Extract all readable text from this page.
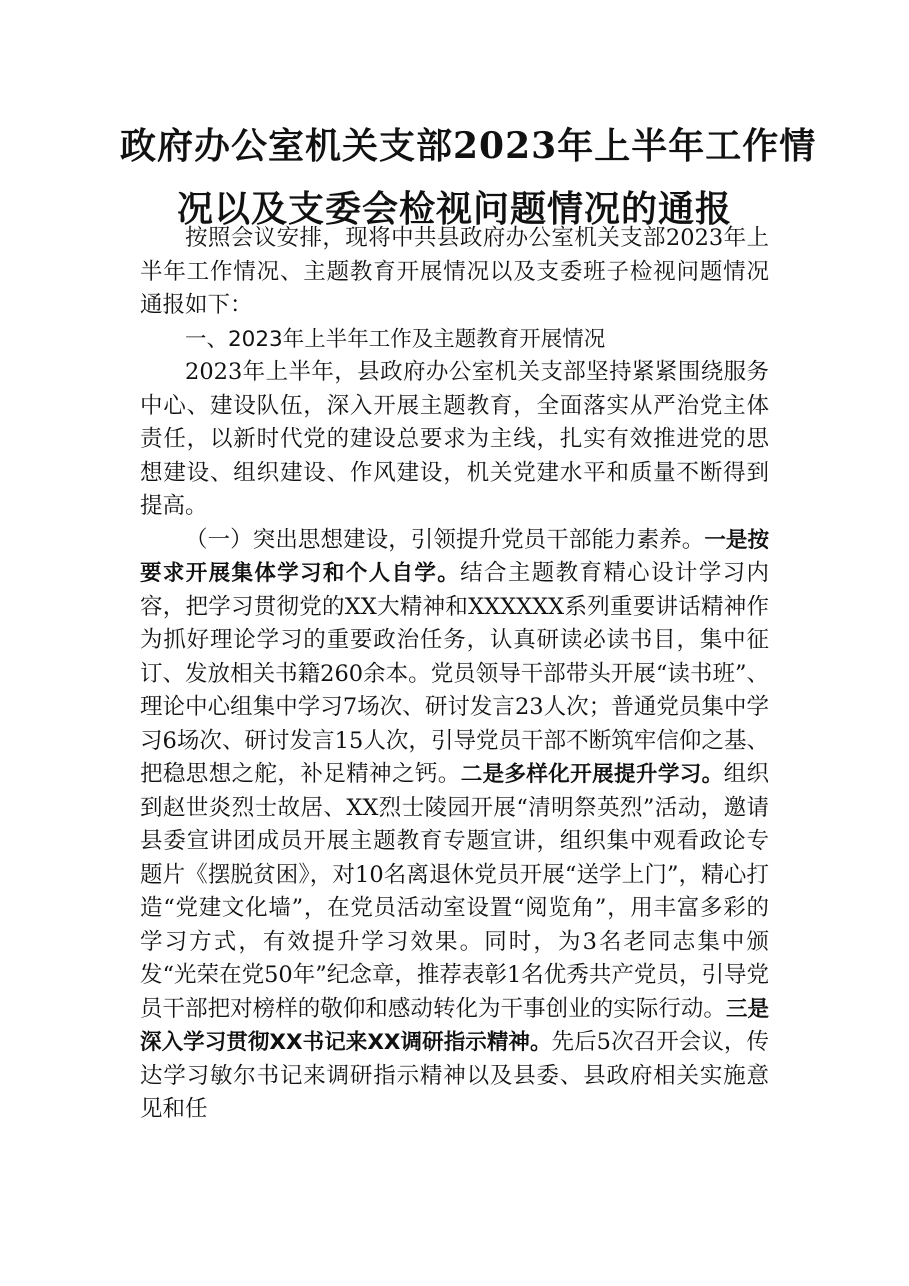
政府办公室机关支部2023年上半年工作情
况以及支委会检视问题情况的通报

按照会议安排，现将中共县政府办公室机关支部2023年上半年工作情况、主题教育开展情况以及支委班子检视问题情况通报如下：

一、2023年上半年工作及主题教育开展情况

2023年上半年，县政府办公室机关支部坚持紧紧围绕服务中心、建设队伍，深入开展主题教育，全面落实从严治党主体责任，以新时代党的建设总要求为主线，扎实有效推进党的思想建设、组织建设、作风建设，机关党建水平和质量不断得到提高。

（一）突出思想建设，引领提升党员干部能力素养。一是按要求开展集体学习和个人自学。结合主题教育精心设计学习内容，把学习贯彻党的XX大精神和XXXXXX系列重要讲话精神作为抓好理论学习的重要政治任务，认真研读必读书目，集中征订、发放相关书籍260余本。党员领导干部带头开展“读书班”、理论中心组集中学习7场次、研讨发言23人次；普通党员集中学习6场次、研讨发言15人次，引导党员干部不断筑牢信仰之基、把稳思想之舵，补足精神之钙。二是多样化开展提升学习。组织到赵世炎烈士故居、XX烈士陵园开展“清明祭英烈”活动，邀请县委宣讲团成员开展主题教育专题宣讲，组织集中观看政论专题片《摆脱贫困》，对10名离退休党员开展“送学上门”，精心打造“党建文化墙”，在党员活动室设置“阅览角”，用丰富多彩的学习方式，有效提升学习效果。同时，为3名老同志集中颁发“光荣在党50年”纪念章，推荐表彰1名优秀共产党员，引导党员干部把对榜样的敬仰和感动转化为干事创业的实际行动。三是深入学习贯彻XX书记来XX调研指示精神。先后5次召开会议，传达学习敏尔书记来调研指示精神以及县委、县政府相关实施意见和任
